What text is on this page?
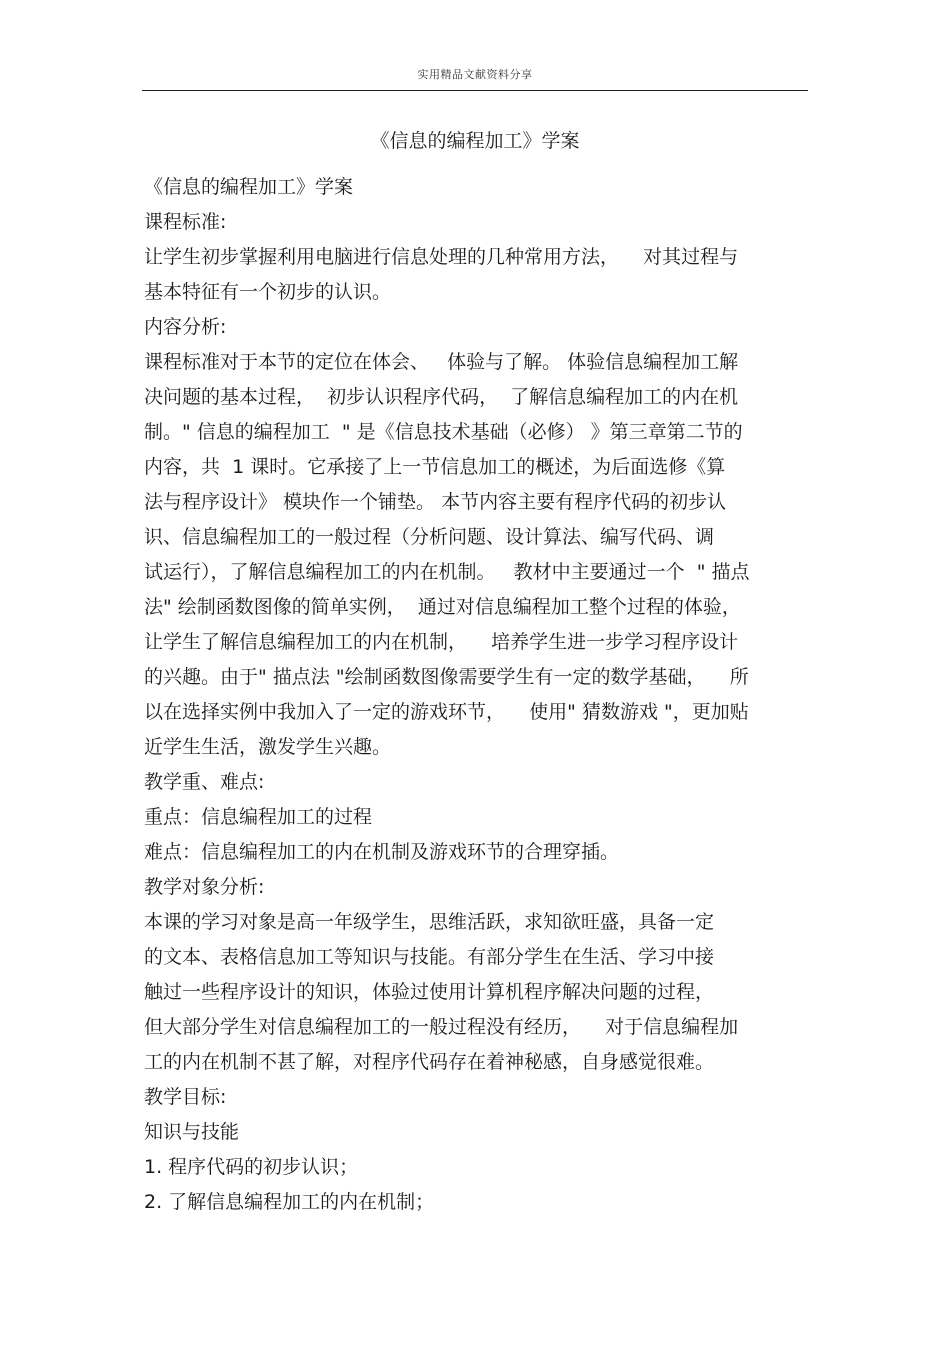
实用精品文献资料分享
《信息的编程加工》学案
《信息的编程加工》学案
课程标准:
让学生初步掌握利用电脑进行信息处理的几种常用方法，    对其过程与
基本特征有一个初步的认识。
内容分析:
课程标准对于本节的定位在体会、   体验与了解。 体验信息编程加工解
决问题的基本过程，  初步认识程序代码，  了解信息编程加工的内在机
制。" 信息的编程加工  " 是《信息技术基础（必修） 》第三章第二节的
内容，共  1 课时。它承接了上一节信息加工的概述，为后面选修《算
法与程序设计》 模块作一个铺垫。 本节内容主要有程序代码的初步认
识、信息编程加工的一般过程（分析问题、设计算法、编写代码、调
试运行），了解信息编程加工的内在机制。   教材中主要通过一个  " 描点
法" 绘制函数图像的简单实例，  通过对信息编程加工整个过程的体验，
让学生了解信息编程加工的内在机制，    培养学生进一步学习程序设计
的兴趣。由于" 描点法 "绘制函数图像需要学生有一定的数学基础，    所
以在选择实例中我加入了一定的游戏环节，    使用" 猜数游戏 "，更加贴
近学生生活，激发学生兴趣。
教学重、难点:
重点：信息编程加工的过程
难点：信息编程加工的内在机制及游戏环节的合理穿插。
教学对象分析:
本课的学习对象是高一年级学生，思维活跃，求知欲旺盛，具备一定
的文本、表格信息加工等知识与技能。有部分学生在生活、学习中接
触过一些程序设计的知识，体验过使用计算机程序解决问题的过程，
但大部分学生对信息编程加工的一般过程没有经历，    对于信息编程加
工的内在机制不甚了解，对程序代码存在着神秘感，自身感觉很难。
教学目标:
知识与技能
1. 程序代码的初步认识；
2. 了解信息编程加工的内在机制；
